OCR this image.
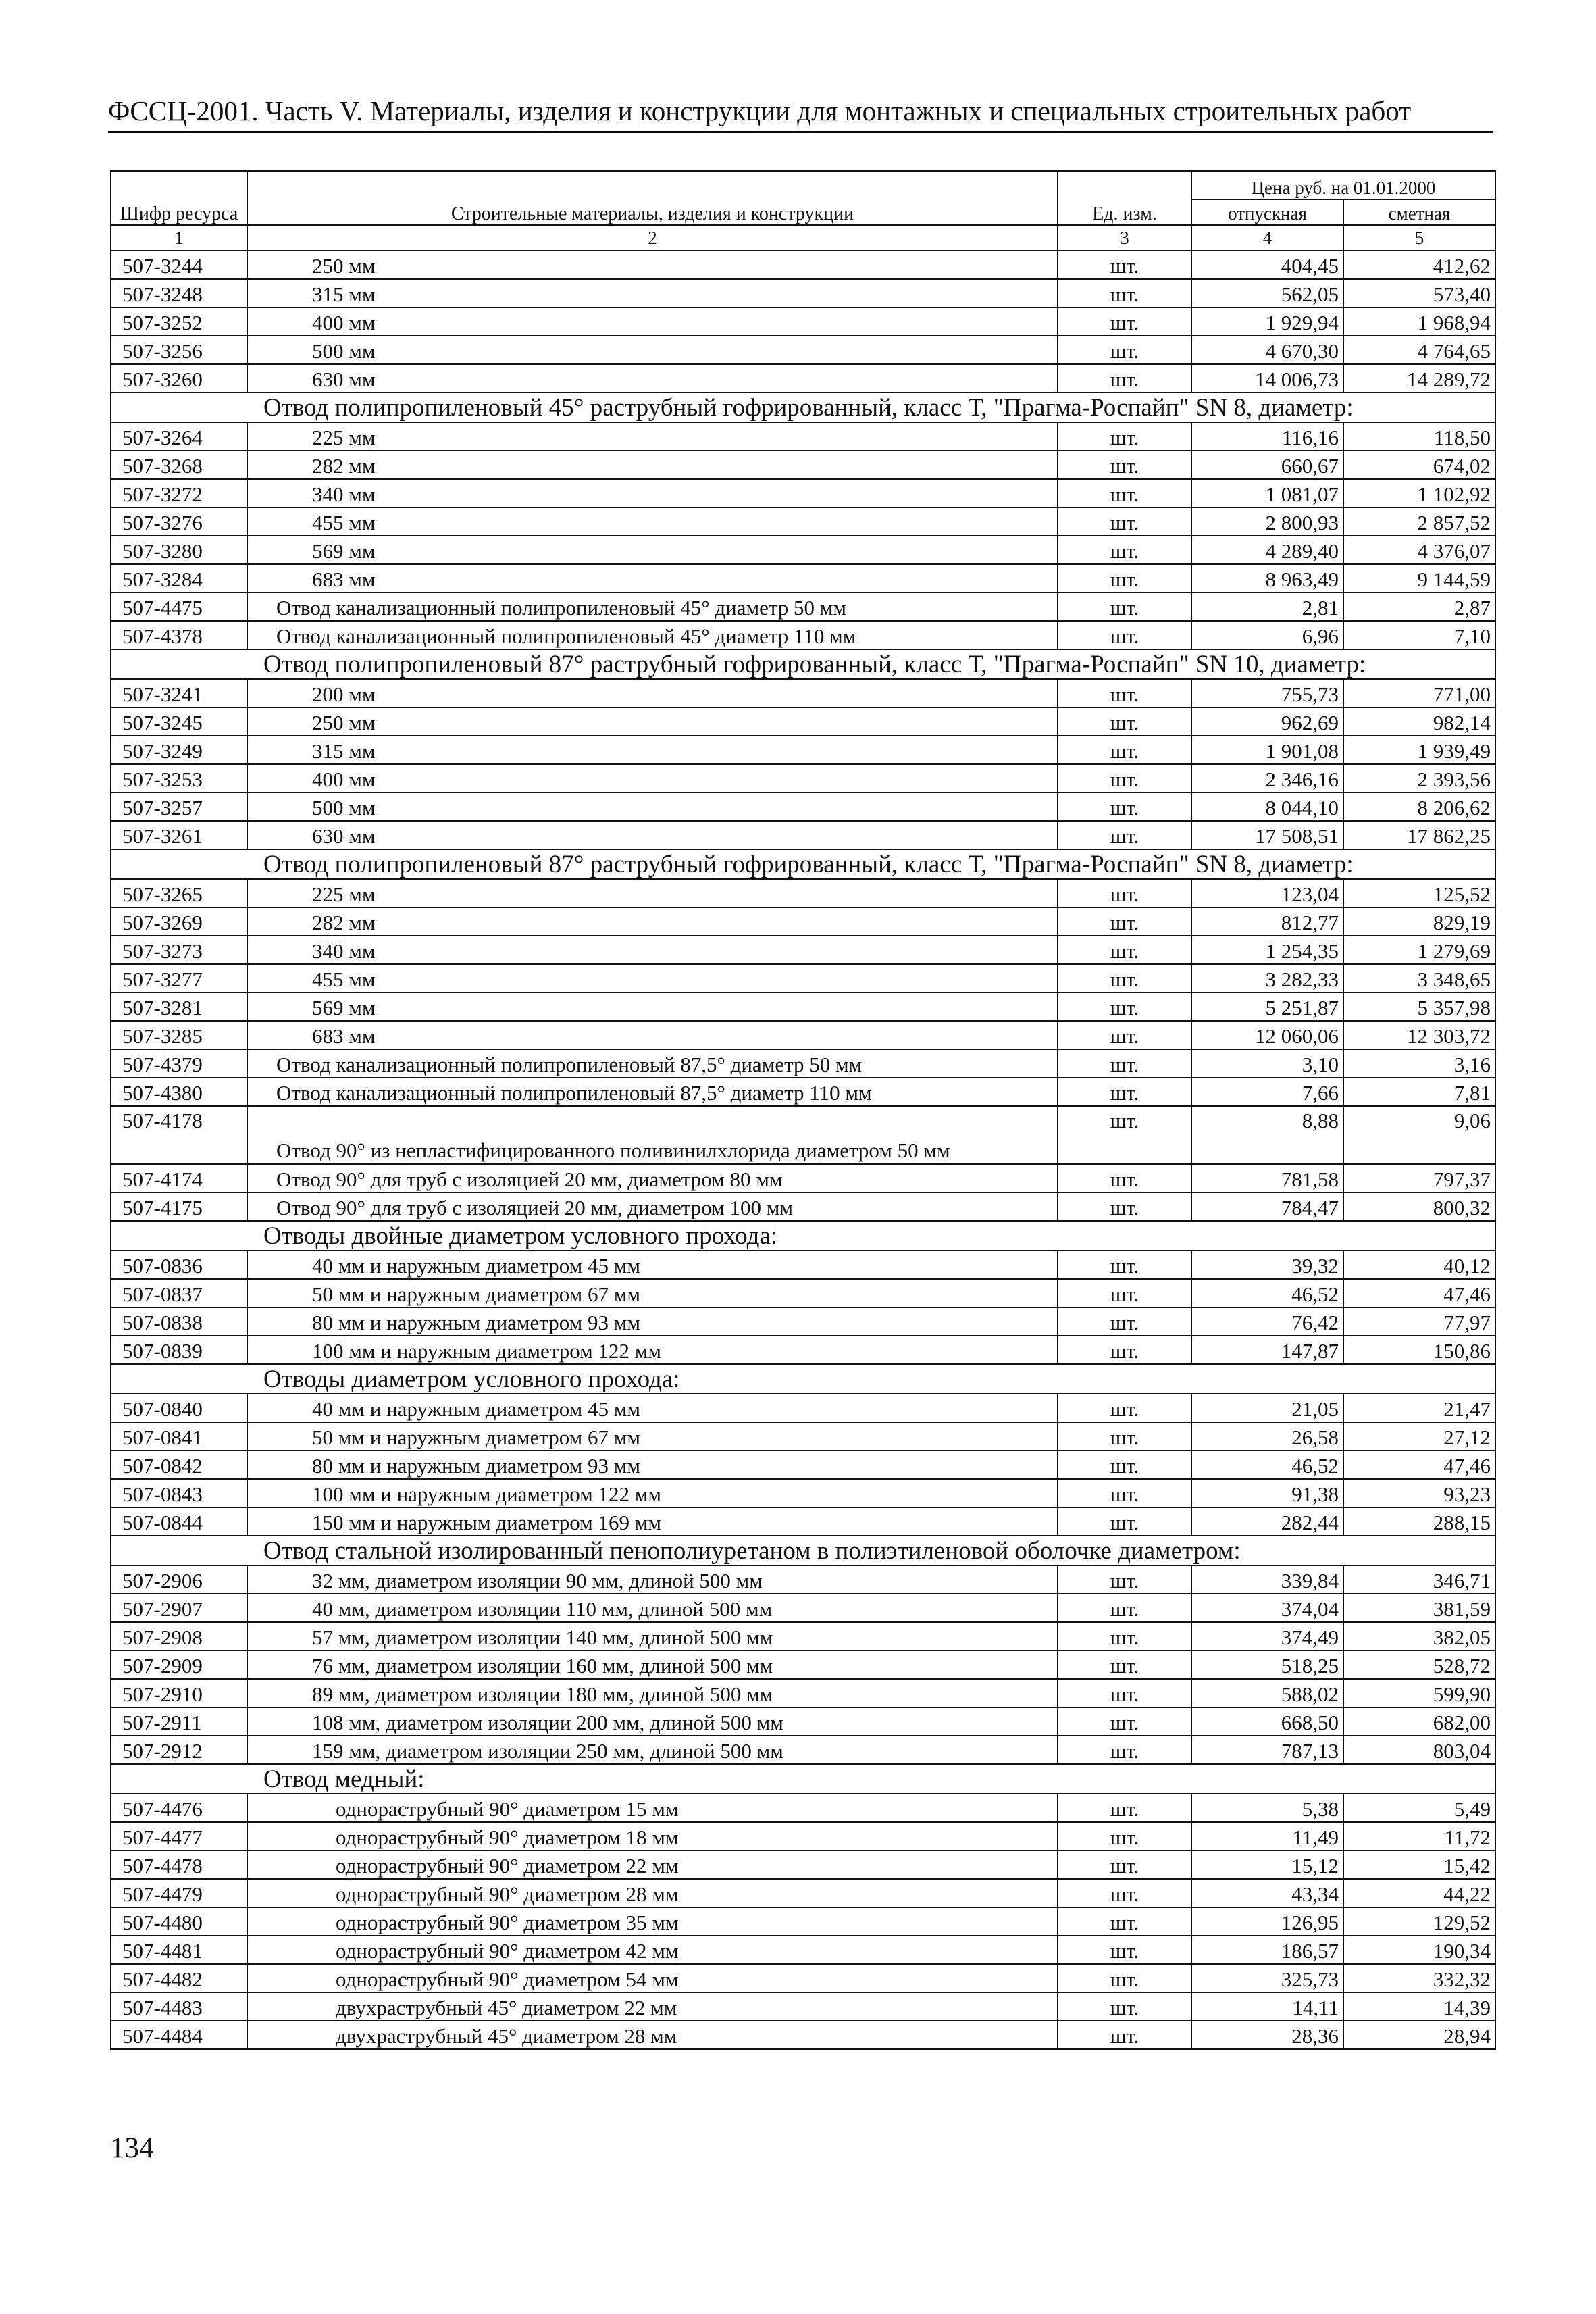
ФССЦ-2001. Часть V. Материалы, изделия и конструкции для монтажных и специальных строительных работ
Шифр ресурса	Строительные материалы, изделия и конструкции	Ед. изм.	Цена руб. на 01.01.2000	
			отпускная	сметная
1	2	3	4	5
507-3244	250 мм	шт.	404,45	412,62
507-3248	315 мм	шт.	562,05	573,40
507-3252	400 мм	шт.	1 929,94	1 968,94
507-3256	500 мм	шт.	4 670,30	4 764,65
507-3260	630 мм	шт.	14 006,73	14 289,72
Отвод полипропиленовый 45° раструбный гофрированный, класс Т, "Прагма-Роспайп" SN 8, диаметр:				
507-3264	225 мм	шт.	116,16	118,50
507-3268	282 мм	шт.	660,67	674,02
507-3272	340 мм	шт.	1 081,07	1 102,92
507-3276	455 мм	шт.	2 800,93	2 857,52
507-3280	569 мм	шт.	4 289,40	4 376,07
507-3284	683 мм	шт.	8 963,49	9 144,59
507-4475	Отвод канализационный полипропиленовый 45° диаметр 50 мм	шт.	2,81	2,87
507-4378	Отвод канализационный полипропиленовый 45° диаметр 110 мм	шт.	6,96	7,10
Отвод полипропиленовый 87° раструбный гофрированный, класс Т, "Прагма-Роспайп" SN 10, диаметр:				
507-3241	200 мм	шт.	755,73	771,00
507-3245	250 мм	шт.	962,69	982,14
507-3249	315 мм	шт.	1 901,08	1 939,49
507-3253	400 мм	шт.	2 346,16	2 393,56
507-3257	500 мм	шт.	8 044,10	8 206,62
507-3261	630 мм	шт.	17 508,51	17 862,25
Отвод полипропиленовый 87° раструбный гофрированный, класс Т, "Прагма-Роспайп" SN 8, диаметр:				
507-3265	225 мм	шт.	123,04	125,52
507-3269	282 мм	шт.	812,77	829,19
507-3273	340 мм	шт.	1 254,35	1 279,69
507-3277	455 мм	шт.	3 282,33	3 348,65
507-3281	569 мм	шт.	5 251,87	5 357,98
507-3285	683 мм	шт.	12 060,06	12 303,72
507-4379	Отвод канализационный полипропиленовый 87,5° диаметр 50 мм	шт.	3,10	3,16
507-4380	Отвод канализационный полипропиленовый 87,5° диаметр 110 мм	шт.	7,66	7,81
507-4178	Отвод 90° из непластифицированного поливинилхлорида диаметром 50 мм	шт.	8,88	9,06
507-4174	Отвод 90° для труб с изоляцией 20 мм, диаметром 80 мм	шт.	781,58	797,37
507-4175	Отвод 90° для труб с изоляцией 20 мм, диаметром 100 мм	шт.	784,47	800,32
Отводы двойные диаметром условного прохода:				
507-0836	40 мм и наружным диаметром 45 мм	шт.	39,32	40,12
507-0837	50 мм и наружным диаметром 67 мм	шт.	46,52	47,46
507-0838	80 мм и наружным диаметром 93 мм	шт.	76,42	77,97
507-0839	100 мм и наружным диаметром 122 мм	шт.	147,87	150,86
Отводы диаметром условного прохода:				
507-0840	40 мм и наружным диаметром 45 мм	шт.	21,05	21,47
507-0841	50 мм и наружным диаметром 67 мм	шт.	26,58	27,12
507-0842	80 мм и наружным диаметром 93 мм	шт.	46,52	47,46
507-0843	100 мм и наружным диаметром 122 мм	шт.	91,38	93,23
507-0844	150 мм и наружным диаметром 169 мм	шт.	282,44	288,15
Отвод стальной изолированный пенополиуретаном в полиэтиленовой оболочке диаметром:				
507-2906	32 мм, диаметром изоляции 90 мм, длиной 500 мм	шт.	339,84	346,71
507-2907	40 мм, диаметром изоляции 110 мм, длиной 500 мм	шт.	374,04	381,59
507-2908	57 мм, диаметром изоляции 140 мм, длиной 500 мм	шт.	374,49	382,05
507-2909	76 мм, диаметром изоляции 160 мм, длиной 500 мм	шт.	518,25	528,72
507-2910	89 мм, диаметром изоляции 180 мм, длиной 500 мм	шт.	588,02	599,90
507-2911	108 мм, диаметром изоляции 200 мм, длиной 500 мм	шт.	668,50	682,00
507-2912	159 мм, диаметром изоляции 250 мм, длиной 500 мм	шт.	787,13	803,04
Отвод медный:				
507-4476	однораструбный 90° диаметром 15 мм	шт.	5,38	5,49
507-4477	однораструбный 90° диаметром 18 мм	шт.	11,49	11,72
507-4478	однораструбный 90° диаметром 22 мм	шт.	15,12	15,42
507-4479	однораструбный 90° диаметром 28 мм	шт.	43,34	44,22
507-4480	однораструбный 90° диаметром 35 мм	шт.	126,95	129,52
507-4481	однораструбный 90° диаметром 42 мм	шт.	186,57	190,34
507-4482	однораструбный 90° диаметром 54 мм	шт.	325,73	332,32
507-4483	двухраструбный 45° диаметром 22 мм	шт.	14,11	14,39
507-4484	двухраструбный 45° диаметром 28 мм	шт.	28,36	28,94
134
